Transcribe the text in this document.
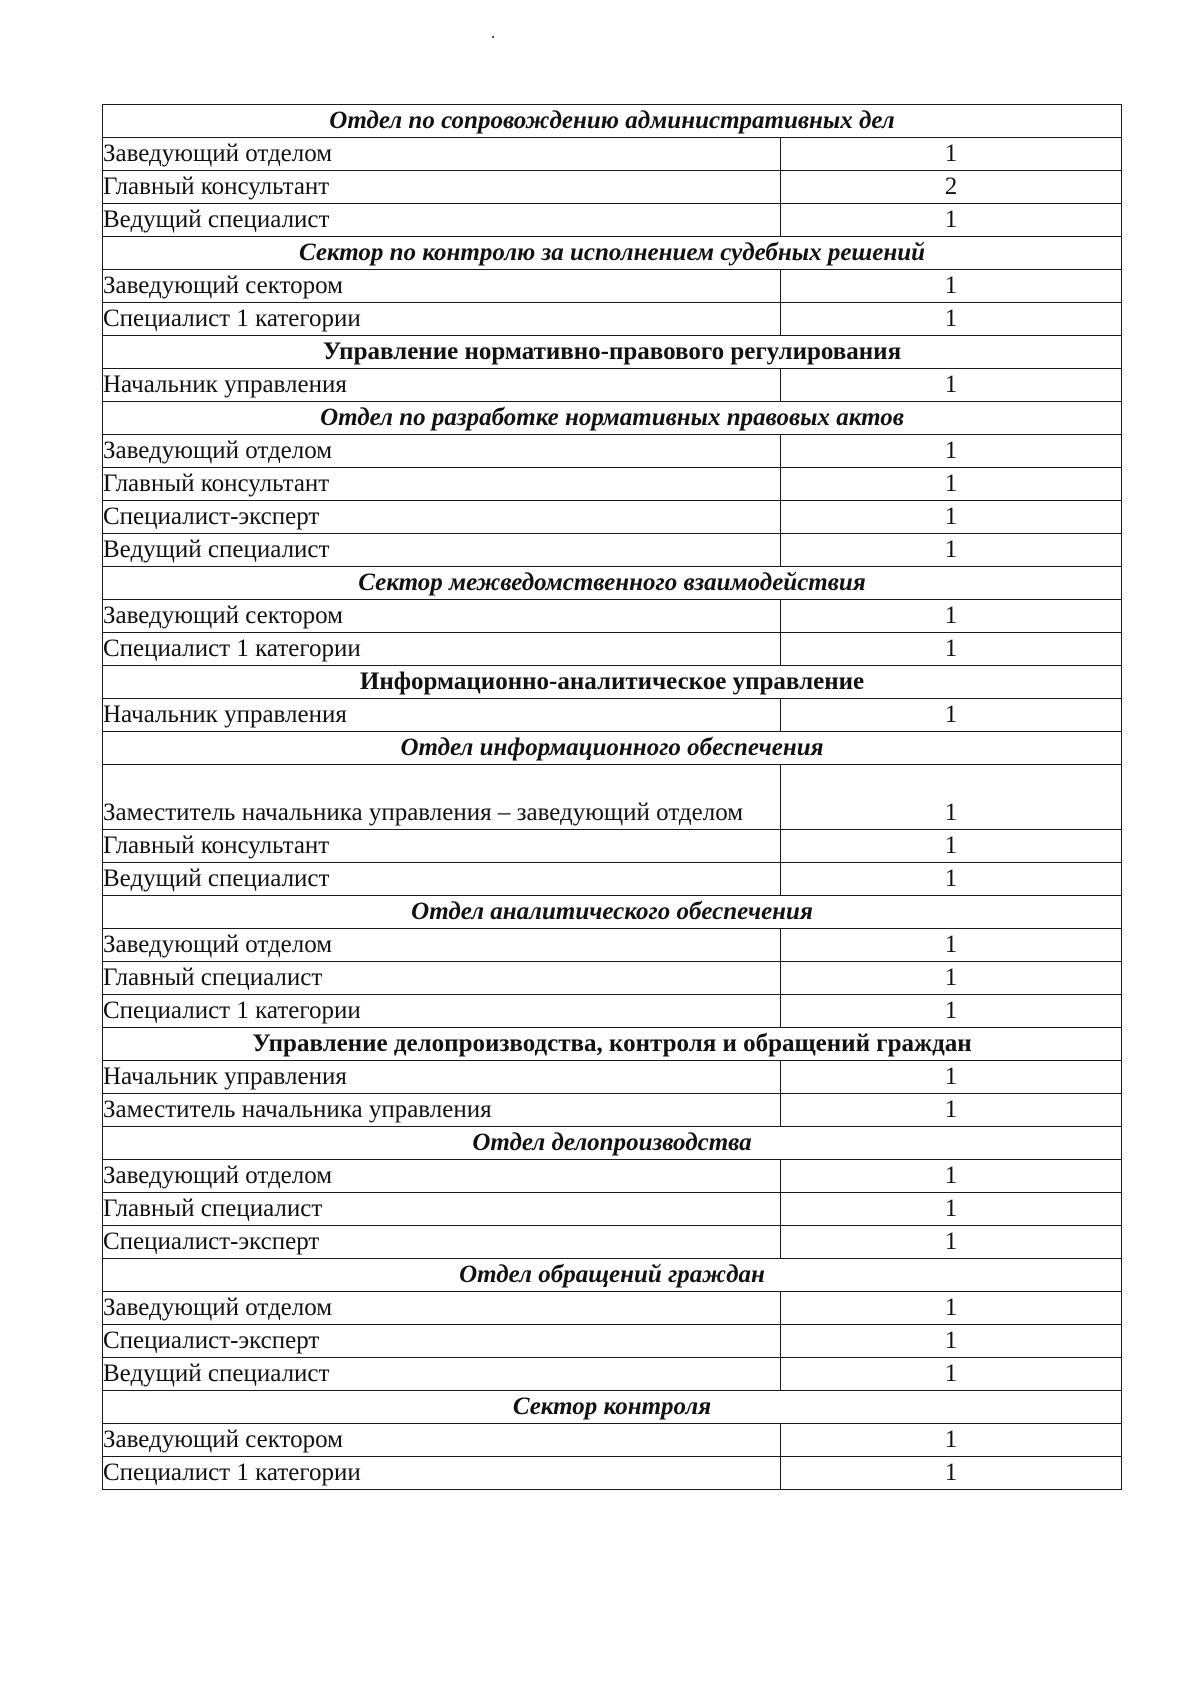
Отдел по сопровождению административных дел	
Заведующий отделом	1
Главный консультант	2
Ведущий специалист	1
Сектор по контролю за исполнением судебных решений	
Заведующий сектором	1
Специалист 1 категории	1
Управление нормативно-правового регулирования	
Начальник управления	1
Отдел по разработке нормативных правовых актов	
Заведующий отделом	1
Главный консультант	1
Специалист-эксперт	1
Ведущий специалист	1
Сектор межведомственного взаимодействия	
Заведующий сектором	1
Специалист 1 категории	1
Информационно-аналитическое управление	
Начальник управления	1
Отдел информационного обеспечения	
Заместитель начальника управления – заведующий отделом	1
Главный консультант	1
Ведущий специалист	1
Отдел аналитического обеспечения	
Заведующий отделом	1
Главный специалист	1
Специалист 1 категории	1
Управление делопроизводства, контроля и обращений граждан	
Начальник управления	1
Заместитель начальника управления	1
Отдел делопроизводства	
Заведующий отделом	1
Главный специалист	1
Специалист-эксперт	1
Отдел обращений граждан	
Заведующий отделом	1
Специалист-эксперт	1
Ведущий специалист	1
Сектор контроля	
Заведующий сектором	1
Специалист 1 категории	1
